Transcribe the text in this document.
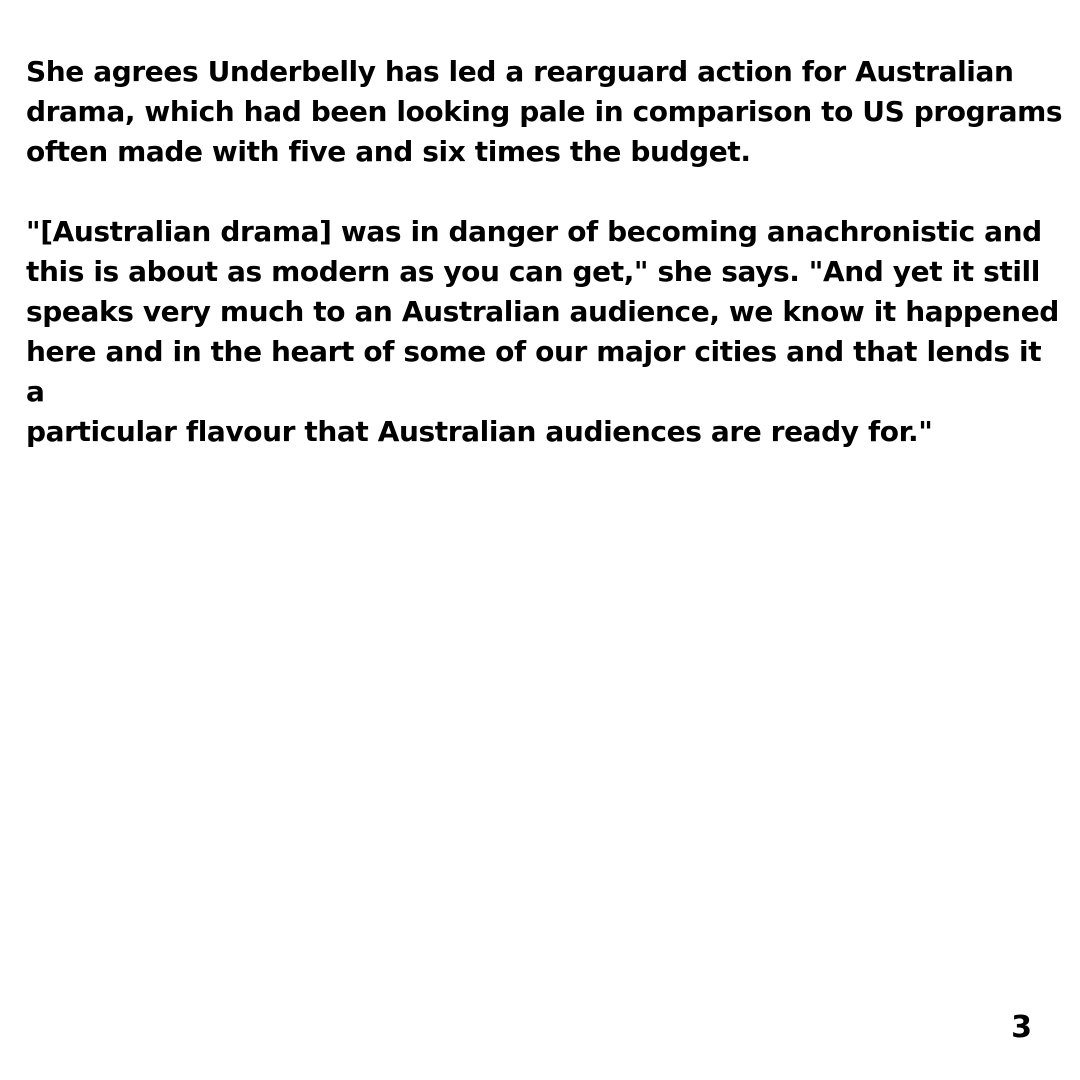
She agrees Underbelly has led a rearguard action for Australian
drama, which had been looking pale in comparison to US programs
often made with five and six times the budget.

"[Australian drama] was in danger of becoming anachronistic and
this is about as modern as you can get," she says. "And yet it still
speaks very much to an Australian audience, we know it happened
here and in the heart of some of our major cities and that lends it a
particular flavour that Australian audiences are ready for."

3
